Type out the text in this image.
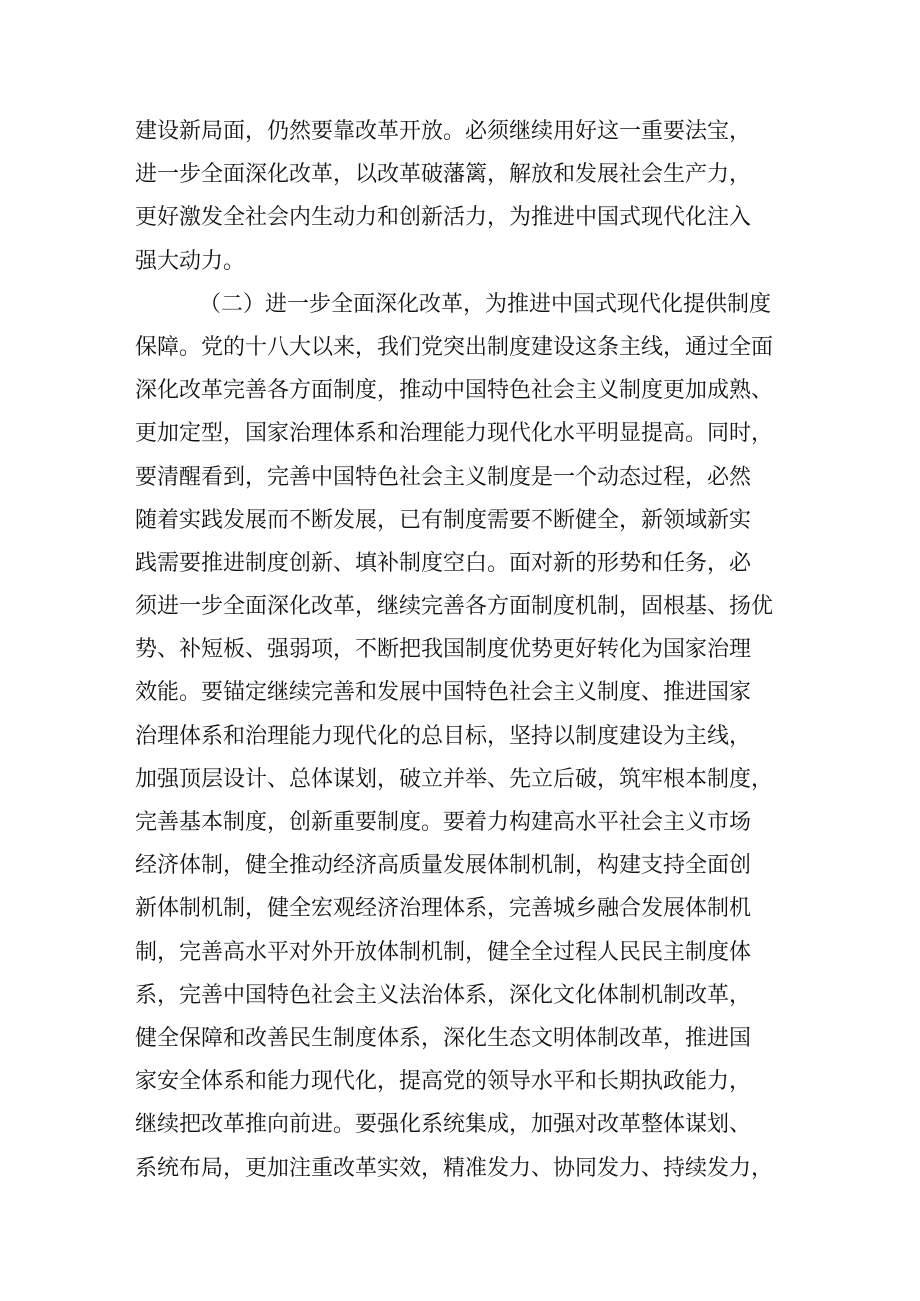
建设新局面，仍然要靠改革开放。必须继续用好这一重要法宝，
进一步全面深化改革，以改革破藩篱，解放和发展社会生产力，
更好激发全社会内生动力和创新活力，为推进中国式现代化注入
强大动力。
（二）进一步全面深化改革，为推进中国式现代化提供制度
保障。党的十八大以来，我们党突出制度建设这条主线，通过全面
深化改革完善各方面制度，推动中国特色社会主义制度更加成熟、
更加定型，国家治理体系和治理能力现代化水平明显提高。同时，
要清醒看到，完善中国特色社会主义制度是一个动态过程，必然
随着实践发展而不断发展，已有制度需要不断健全，新领域新实
践需要推进制度创新、填补制度空白。面对新的形势和任务，必
须进一步全面深化改革，继续完善各方面制度机制，固根基、扬优
势、补短板、强弱项，不断把我国制度优势更好转化为国家治理
效能。要锚定继续完善和发展中国特色社会主义制度、推进国家
治理体系和治理能力现代化的总目标，坚持以制度建设为主线，
加强顶层设计、总体谋划，破立并举、先立后破，筑牢根本制度，
完善基本制度，创新重要制度。要着力构建高水平社会主义市场
经济体制，健全推动经济高质量发展体制机制，构建支持全面创
新体制机制，健全宏观经济治理体系，完善城乡融合发展体制机
制，完善高水平对外开放体制机制，健全全过程人民民主制度体
系，完善中国特色社会主义法治体系，深化文化体制机制改革，
健全保障和改善民生制度体系，深化生态文明体制改革，推进国
家安全体系和能力现代化，提高党的领导水平和长期执政能力，
继续把改革推向前进。要强化系统集成，加强对改革整体谋划、
系统布局，更加注重改革实效，精准发力、协同发力、持续发力，
